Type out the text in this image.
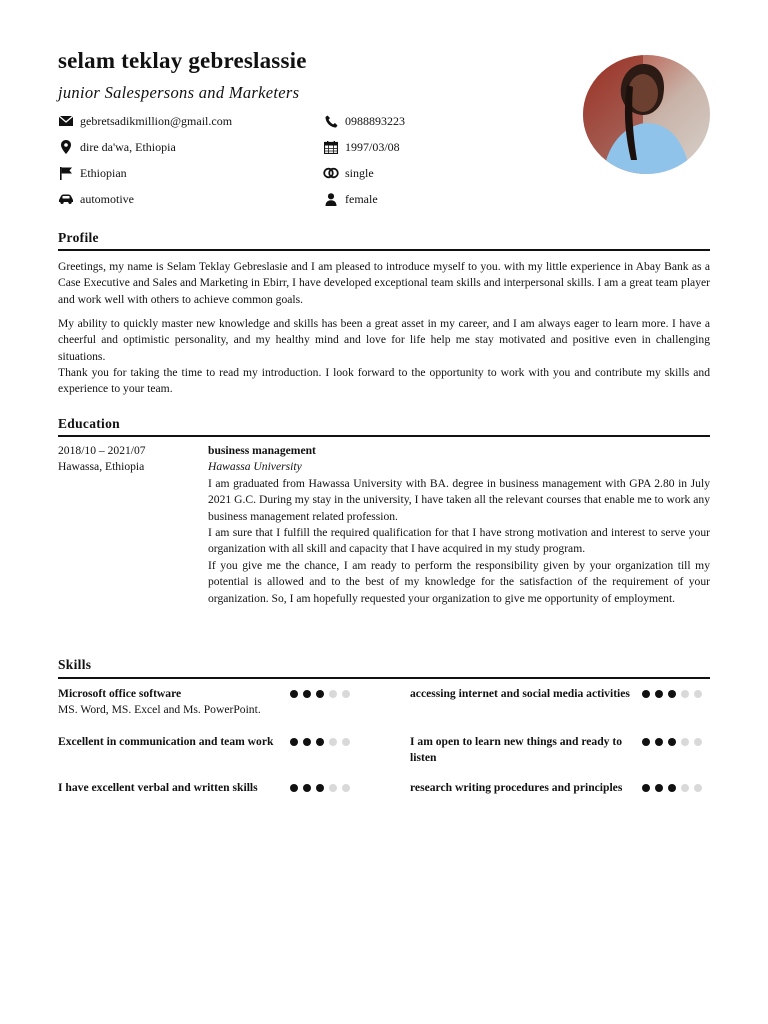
selam teklay gebreslassie
junior Salespersons and Marketers
gebretsadikmillion@gmail.com
dire da'wa, Ethiopia
Ethiopian
automotive
0988893223
1997/03/08
single
female
Profile
Greetings, my name is Selam Teklay Gebreslasie and I am pleased to introduce myself to you. with my little experience in Abay Bank as a Case Executive and Sales and Marketing in Ebirr, I have developed exceptional team skills and interpersonal skills. I am a great team player and work well with others to achieve common goals.
My ability to quickly master new knowledge and skills has been a great asset in my career, and I am always eager to learn more. I have a cheerful and optimistic personality, and my healthy mind and love for life help me stay motivated and positive even in challenging situations.
Thank you for taking the time to read my introduction. I look forward to the opportunity to work with you and contribute my skills and experience to your team.
Education
2018/10 – 2021/07
Hawassa, Ethiopia
business management
Hawassa University
I am graduated from Hawassa University with BA. degree in business management with GPA 2.80 in July 2021 G.C. During my stay in the university, I have taken all the relevant courses that enable me to work any business management related profession.
I am sure that I fulfill the required qualification for that I have strong motivation and interest to serve your organization with all skill and capacity that I have acquired in my study program.
If you give me the chance, I am ready to perform the responsibility given by your organization till my potential is allowed and to the best of my knowledge for the satisfaction of the requirement of your organization. So, I am hopefully requested your organization to give me opportunity of employment.
Skills
Microsoft office software
MS. Word, MS. Excel and Ms. PowerPoint.
accessing internet and social media activities
Excellent in communication and team work	I am open to learn new things and ready to listen
I have excellent verbal and written skills	research writing procedures and principles
